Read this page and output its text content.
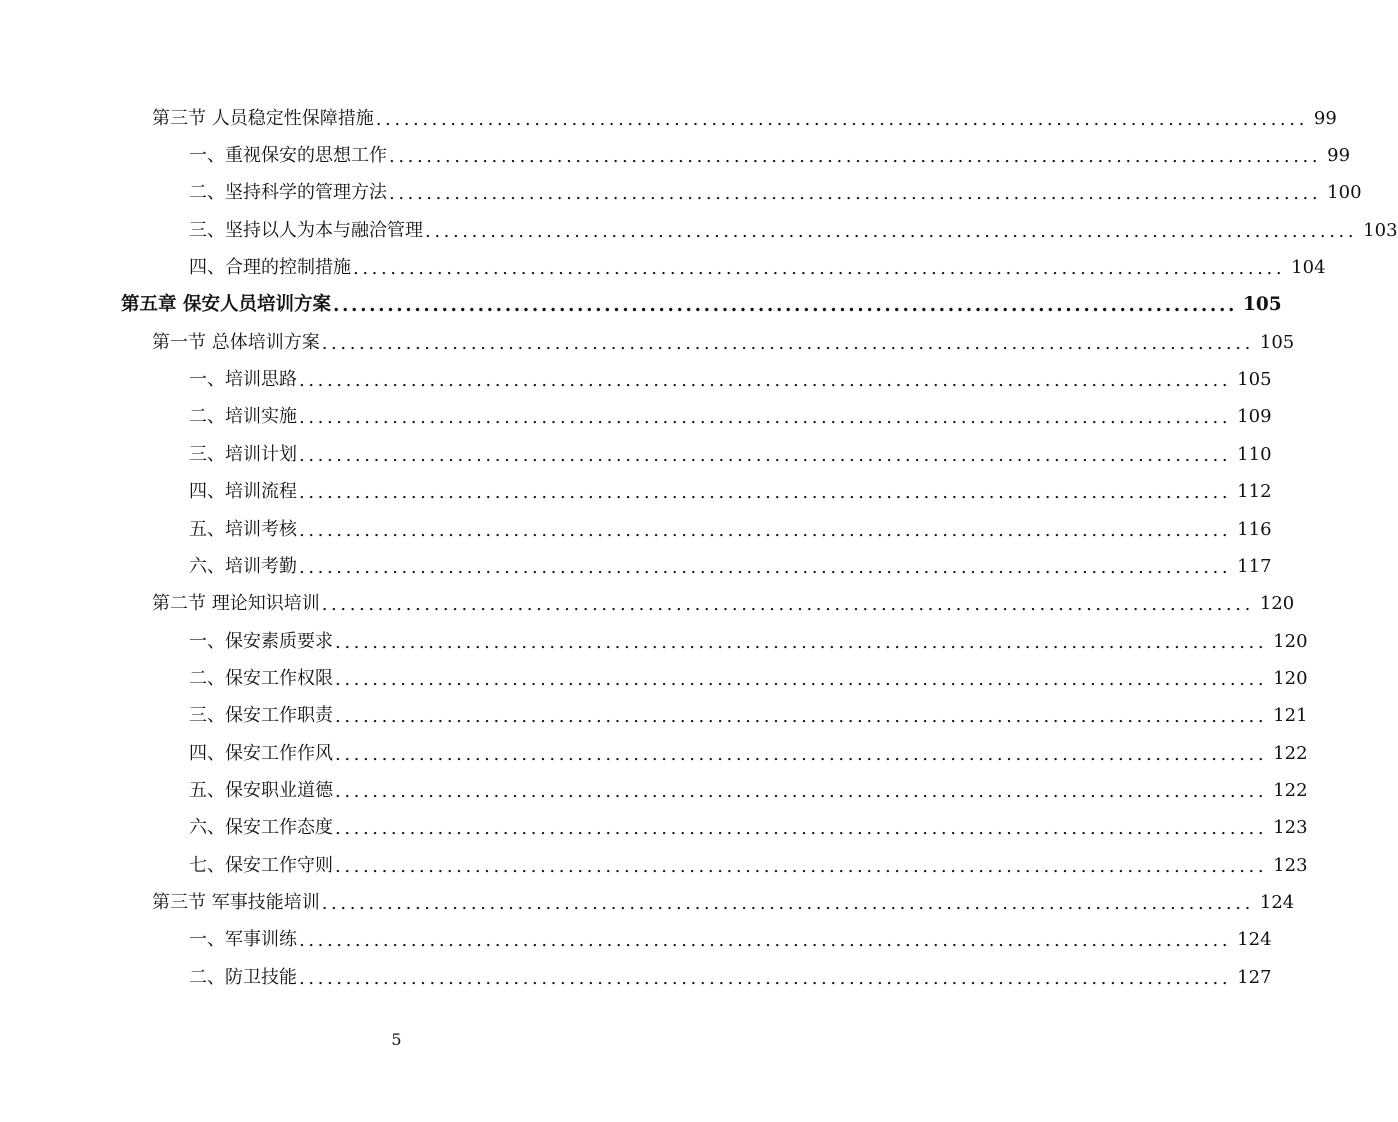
第三节 人员稳定性保障措施 .................................................................................................... 99
一、重视保安的思想工作 .................................................................................................... 99
二、坚持科学的管理方法 .................................................................................................... 100
三、坚持以人为本与融洽管理 .................................................................................................... 103
四、合理的控制措施 .................................................................................................... 104
第五章 保安人员培训方案 .................................................................................................... 105
第一节 总体培训方案 .................................................................................................... 105
一、培训思路 .................................................................................................... 105
二、培训实施 .................................................................................................... 109
三、培训计划 .................................................................................................... 110
四、培训流程 .................................................................................................... 112
五、培训考核 .................................................................................................... 116
六、培训考勤 .................................................................................................... 117
第二节 理论知识培训 .................................................................................................... 120
一、保安素质要求 .................................................................................................... 120
二、保安工作权限 .................................................................................................... 120
三、保安工作职责 .................................................................................................... 121
四、保安工作作风 .................................................................................................... 122
五、保安职业道德 .................................................................................................... 122
六、保安工作态度 .................................................................................................... 123
七、保安工作守则 .................................................................................................... 123
第三节 军事技能培训 .................................................................................................... 124
一、军事训练 .................................................................................................... 124
二、防卫技能 .................................................................................................... 127
5
